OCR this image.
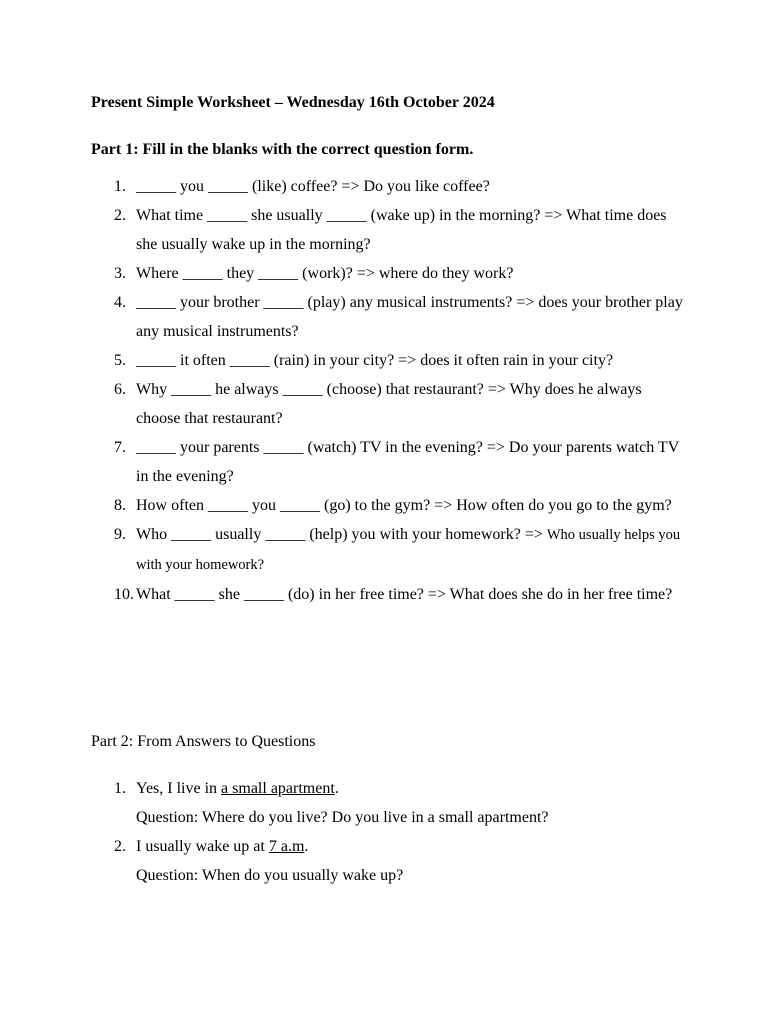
Present Simple Worksheet – Wednesday 16th October 2024
Part 1: Fill in the blanks with the correct question form.
1. _____ you _____ (like) coffee? => Do you like coffee?
2. What time _____ she usually _____ (wake up) in the morning? => What time does she usually wake up in the morning?
3. Where _____ they _____ (work)? => where do they work?
4. _____ your brother _____ (play) any musical instruments? => does your brother play any musical instruments?
5. _____ it often _____ (rain) in your city? => does it often rain in your city?
6. Why _____ he always _____ (choose) that restaurant? => Why does he always choose that restaurant?
7. _____ your parents _____ (watch) TV in the evening? => Do your parents watch TV in the evening?
8. How often _____ you _____ (go) to the gym? => How often do you go to the gym?
9. Who _____ usually _____ (help) you with your homework? => Who usually helps you with your homework?
10. What _____ she _____ (do) in her free time? => What does she do in her free time?
Part 2: From Answers to Questions
1. Yes, I live in a small apartment.
Question: Where do you live? Do you live in a small apartment?
2. I usually wake up at 7 a.m.
Question: When do you usually wake up?
